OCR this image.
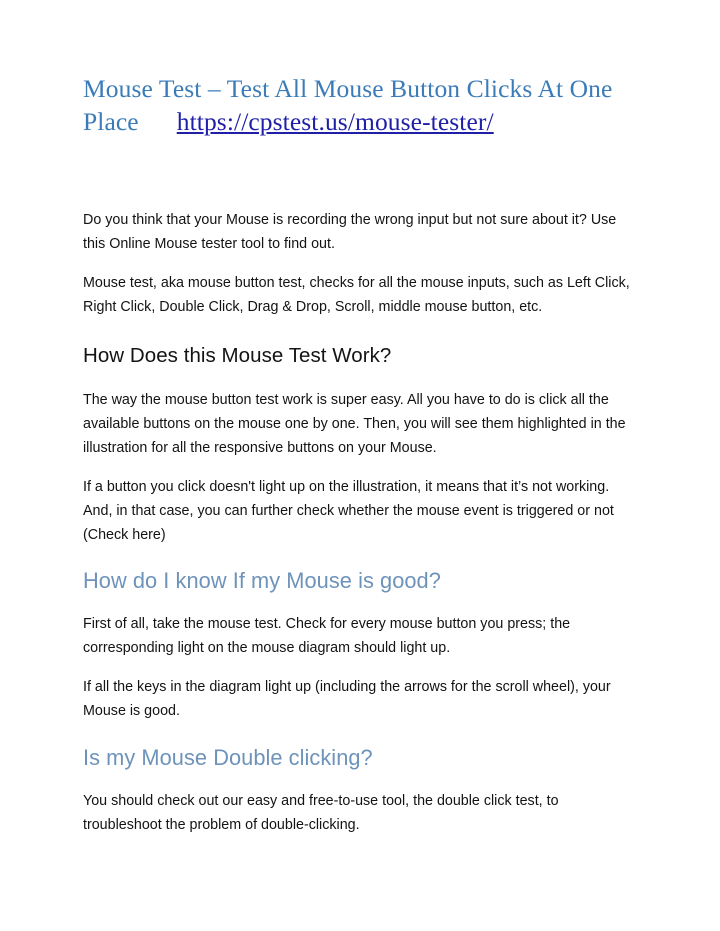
Mouse Test – Test All Mouse Button Clicks At One Place https://cpstest.us/mouse-tester/

Do you think that your Mouse is recording the wrong input but not sure about it? Use this Online Mouse tester tool to find out.

Mouse test, aka mouse button test, checks for all the mouse inputs, such as Left Click, Right Click, Double Click, Drag & Drop, Scroll, middle mouse button, etc.

How Does this Mouse Test Work?

The way the mouse button test work is super easy. All you have to do is click all the available buttons on the mouse one by one. Then, you will see them highlighted in the illustration for all the responsive buttons on your Mouse.

If a button you click doesn't light up on the illustration, it means that it’s not working. And, in that case, you can further check whether the mouse event is triggered or not (Check here)

How do I know If my Mouse is good?

First of all, take the mouse test. Check for every mouse button you press; the corresponding light on the mouse diagram should light up.

If all the keys in the diagram light up (including the arrows for the scroll wheel), your Mouse is good.

Is my Mouse Double clicking?

You should check out our easy and free-to-use tool, the double click test, to troubleshoot the problem of double-clicking.
